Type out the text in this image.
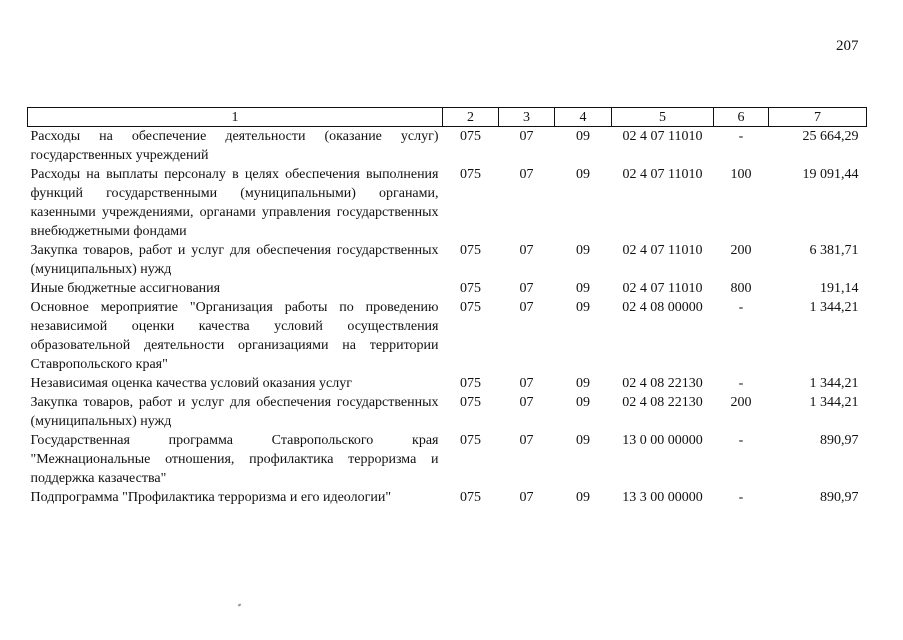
207
1	2	3	4	5	6	7
Расходы на обеспечение деятельности (оказание услуг) государственных учреждений	075	07	09	02 4 07 11010	-	25 664,29
Расходы на выплаты персоналу в целях обеспечения выполнения функций государственными (муниципальными) органами, казенными учреждениями, органами управления государственных внебюджетными фондами	075	07	09	02 4 07 11010	100	19 091,44
Закупка товаров, работ и услуг для обеспечения государственных (муниципальных) нужд	075	07	09	02 4 07 11010	200	6 381,71
Иные бюджетные ассигнования	075	07	09	02 4 07 11010	800	191,14
Основное мероприятие "Организация работы по проведению независимой оценки качества условий осуществления образовательной деятельности организациями на территории Ставропольского края"	075	07	09	02 4 08 00000	-	1 344,21
Независимая оценка качества условий оказания услуг	075	07	09	02 4 08 22130	-	1 344,21
Закупка товаров, работ и услуг для обеспечения государственных (муниципальных) нужд	075	07	09	02 4 08 22130	200	1 344,21
Государственная программа Ставропольского края "Межнациональные отношения, профилактика терроризма и поддержка казачества"	075	07	09	13 0 00 00000	-	890,97
Подпрограмма "Профилактика терроризма и его идеологии"	075	07	09	13 3 00 00000	-	890,97
